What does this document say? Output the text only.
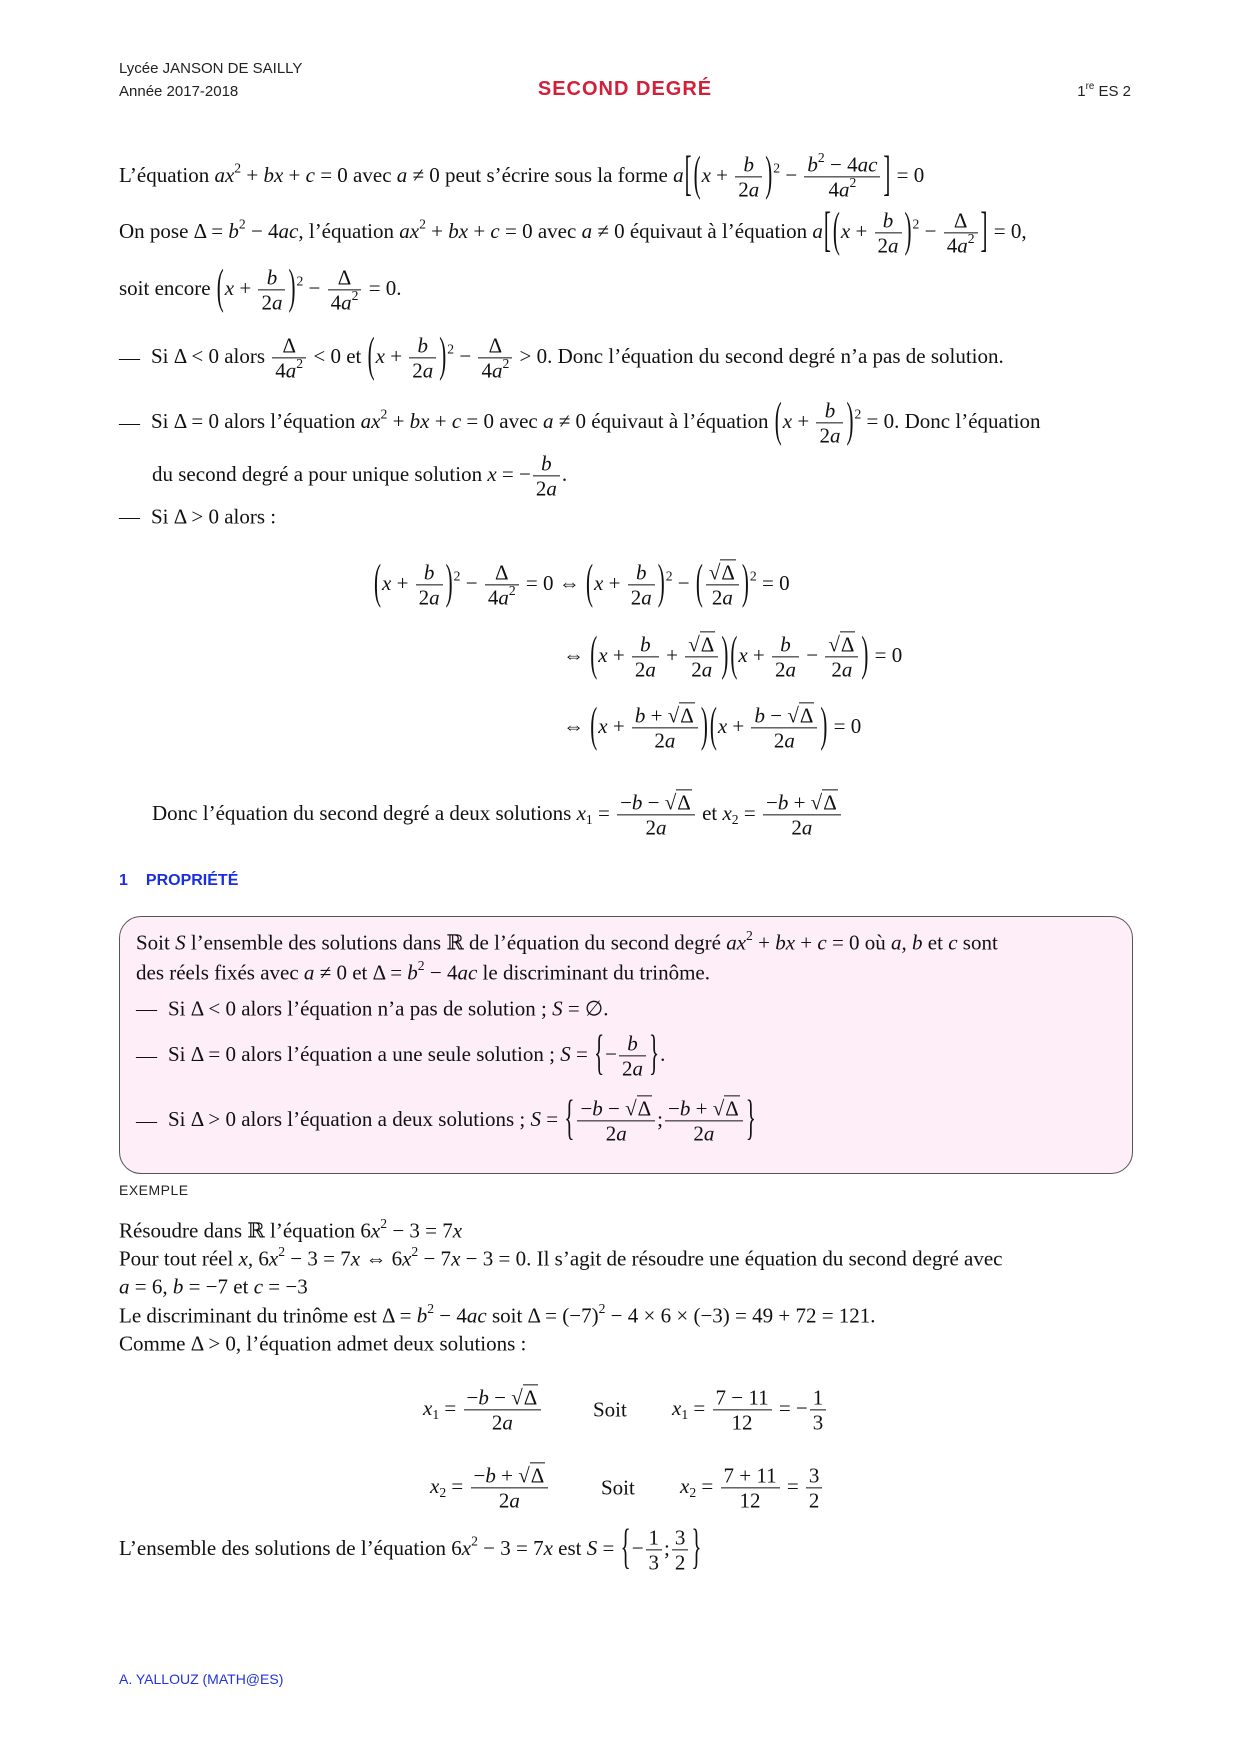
Lycée JANSON DE SAILLY
Année 2017-2018	SECOND DEGRÉ	1re ES 2
L’équation $ax^2$ + bx + c = 0 avec a ≠ 0 peut s’écrire sous la forme $a[(x + \frac{b}{2a} )^2 - \frac{b^2 - 4ac}{4a^2}$ ] = 0
On pose $\Delta = b^2 - 4ac$, l’équation $ax^2$ + bx + c = 0 avec a ≠ 0 équivaut à l’équation $a[(x + \frac{b}{2a} )^2 - \frac{\Delta}{4a^2}$ ] = 0,
soit encore $(x + \frac{b}{2a} )^2 - \frac{\Delta}{4a^2} = 0$.
— Si Δ < 0 alors $\frac{\Delta}{4a^2} < 0$ et $(x + \frac{b}{2a} )^2 - \frac{\Delta}{4a^2} > 0$. Donc l’équation du second degré n’a pas de solution.
— Si Δ = 0 alors l’équation $ax^2$ + bx + c = 0 avec a ≠ 0 équivaut à l’équation $(x + \frac{b}{2a} )^2 = 0$. Donc l’équation
du second degré a pour unique solution x = − $\frac{b}{2a}$ .
— Si Δ > 0 alors :
$(x + \frac{b}{2a} )^2 - \frac{\Delta}{4a^2} = 0$ ⇔ $(x + \frac{b}{2a} )^2$ − ( $\frac{√\Delta}{2a} )^2 = 0$
⇔ $(x + \frac{b}{2a} + \frac{√\Delta}{2a} )(x + \frac{b}{2a} - \frac{√\Delta}{2a}$ ) = 0
⇔ $(x + \frac{b + √\Delta}{2a} )(x + \frac{b - √\Delta}{2a}$ ) = 0
Donc l’équation du second degré a deux solutions $x_1 = \frac{-b - √\Delta}{2a}$ et $x_2 = \frac{-b + √\Delta}{2a}$
1 PROPRIÉTÉ
Soit S l’ensemble des solutions dans ℝ de l’équation du second degré $ax^2$ + bx + c = 0 où a, b et c sont
des réels fixés avec a ≠ 0 et $\Delta = b^2 - 4ac$ le discriminant du trinôme.
— Si Δ < 0 alors l’équation n’a pas de solution ; S = ∅.
— Si Δ = 0 alors l’équation a une seule solution ; S = {− $\frac{b}{2a}$ }.
— Si Δ > 0 alors l’équation a deux solutions ; S = { $\frac{-b - √\Delta}{2a}$ ; $\frac{-b + √\Delta}{2a}$ }
EXEMPLE
Résoudre dans ℝ l’équation $6x^2 - 3 = 7x$
Pour tout réel x, $6x^2 - 3 = 7x$ ⇔ $6x^2 - 7x - 3 = 0$. Il s’agit de résoudre une équation du second degré avec
a = 6, b = −7 et c = −3
Le discriminant du trinôme est $\Delta = b^2 - 4ac$ soit $\Delta = (-7)^2 - 4 \times 6 \times (-3) = 49 + 72 = 121$.
Comme Δ > 0, l’équation admet deux solutions :
$x_1 = \frac{-b - √\Delta}{2a}$ Soit $x_1 = \frac{7 - 11}{12}$ = − $\frac{1}{3}$
$x_2 = \frac{-b + √\Delta}{2a}$	Soit $x_2 = \frac{7 + 11}{12} = \frac{3}{2}$
L’ensemble des solutions de l’équation $6x^2 - 3 = 7x$ est S = {− $\frac{1}{3}$ ; $\frac{3}{2}$ }
A. YALLOUZ (MATH@ES)
